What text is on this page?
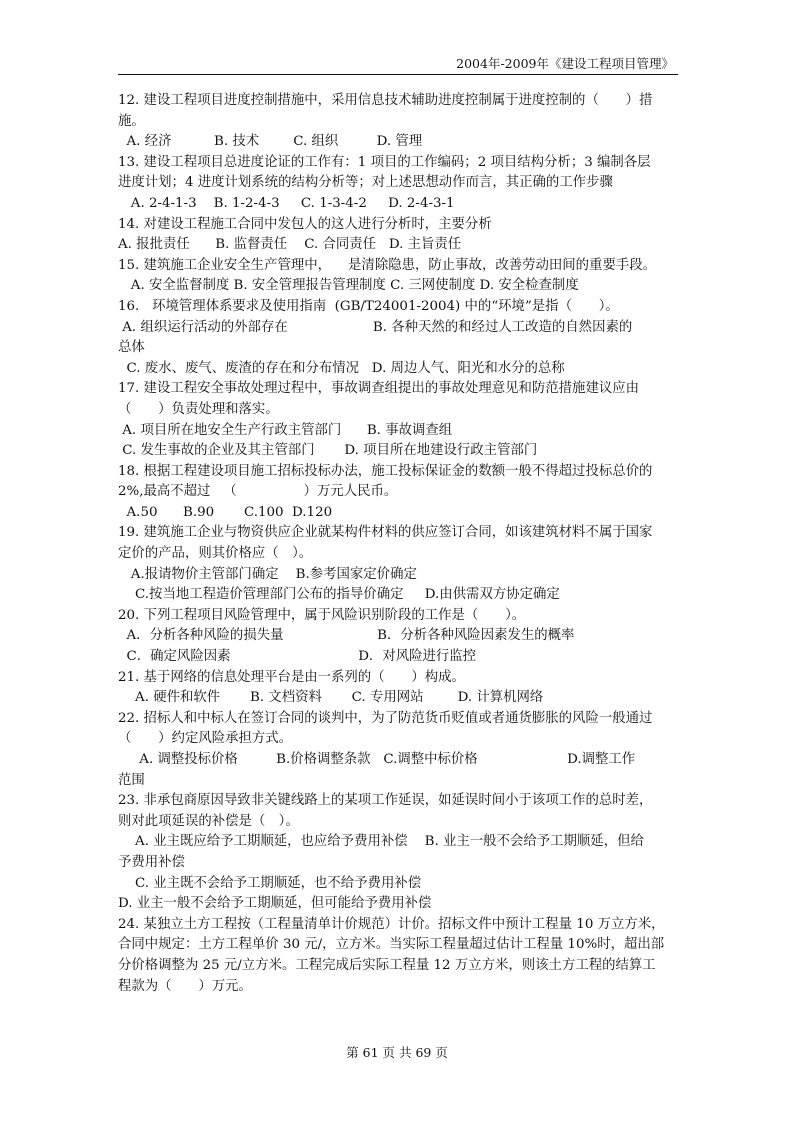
2004年-2009年《建设工程项目管理》
12. 建设工程项目进度控制措施中，采用信息技术辅助进度控制属于进度控制的（　　）措
施。
A. 经济          B. 技术        C. 组织         D. 管理
13. 建设工程项目总进度论证的工作有：1 项目的工作编码；2 项目结构分析；3 编制各层
进度计划；4 进度计划系统的结构分析等；对上述思想动作而言，其正确的工作步骤
A. 2-4-1-3    B. 1-2-4-3     C. 1-3-4-2     D. 2-4-3-1
14. 对建设工程施工合同中发包人的这人进行分析时，主要分析
A. 报批责任      B. 监督责任    C. 合同责任   D. 主旨责任
15. 建筑施工企业安全生产管理中，    是清除隐患，防止事故，改善劳动田间的重要手段。
A. 安全监督制度 B. 安全管理报告管理制度 C. 三网使制度 D. 安全检查制度
16.   环境管理体系要求及使用指南  (GB/T24001-2004) 中的“环境”是指（　　）。
A. 组织运行活动的外部存在                    B. 各种天然的和经过人工改造的自然因素的
总体
C. 废水、废气、废渣的存在和分布情况   D. 周边人气、阳光和水分的总称
17. 建设工程安全事故处理过程中，事故调查组提出的事故处理意见和防范措施建议应由
（　　）负责处理和落实。
A. 项目所在地安全生产行政主管部门      B. 事故调查组
C. 发生事故的企业及其主管部门       D. 项目所在地建设行政主管部门
18. 根据工程建设项目施工招标投标办法，施工投标保证金的数额一般不得超过投标总价的
2%,最高不超过   （　　　　　）万元人民币。
A.50      B.90       C.100  D.120
19. 建筑施工企业与物资供应企业就某构件材料的供应签订合同，如该建筑材料不属于国家
定价的产品，则其价格应（　）。
A.报请物价主管部门确定    B.参考国家定价确定
C.按当地工程造价管理部门公布的指导价确定     D.由供需双方协定确定
20. 下列工程项目风险管理中，属于风险识别阶段的工作是（　　）。
A．分析各种风险的损失量                      B．分析各种风险因素发生的概率
C．确定风险因素                              D．对风险进行监控
21. 基于网络的信息处理平台是由一系列的（　　）构成。
A. 硬件和软件       B. 文档资料       C. 专用网站        D. 计算机网络
22. 招标人和中标人在签订合同的谈判中，为了防范货币贬值或者通货膨胀的风险一般通过
（　　）约定风险承担方式。
A. 调整投标价格         B.价格调整条款   C.调整中标价格                     D.调整工作
范围
23. 非承包商原因导致非关键线路上的某项工作延误，如延误时间小于该项工作的总时差，
则对此项延误的补偿是（　）。
A. 业主既应给予工期顺延，也应给予费用补偿    B. 业主一般不会给予工期顺延，但给
予费用补偿
C. 业主既不会给予工期顺延，也不给予费用补偿
D. 业主一般不会给予工期顺延，但可能给予费用补偿
24. 某独立土方工程按（工程量清单计价规范）计价。招标文件中预计工程量 10 万立方米，
合同中规定：土方工程单价 30 元/，立方米。当实际工程量超过估计工程量 10%时，超出部
分价格调整为 25 元/立方米。工程完成后实际工程量 12 万立方米，则该土方工程的结算工
程款为（　　）万元。
第 61 页 共 69 页
